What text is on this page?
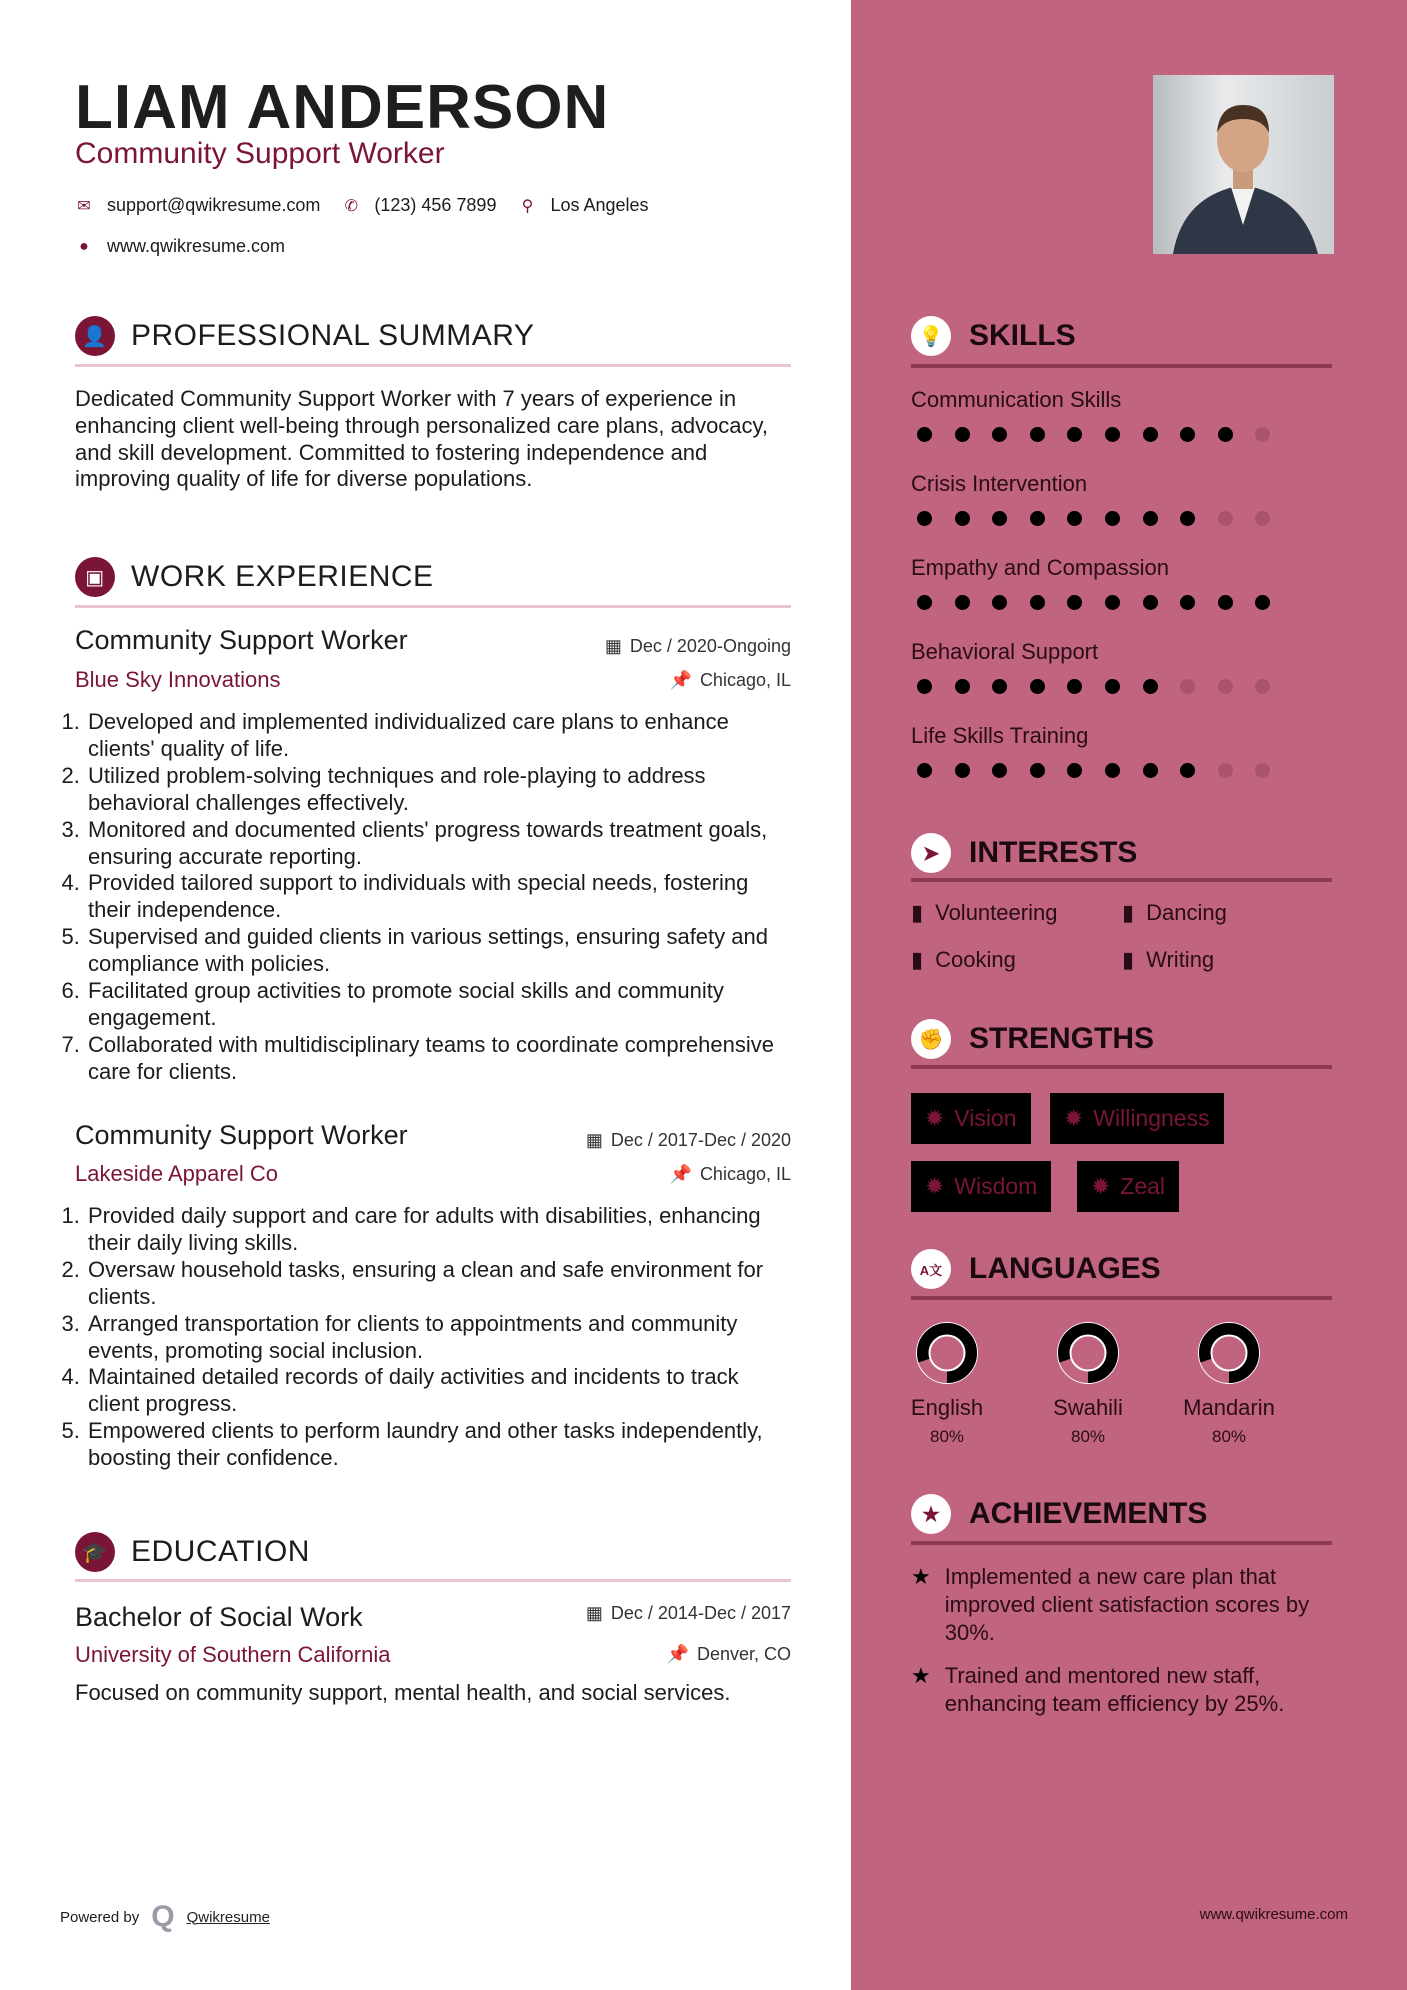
LIAM ANDERSON
Community Support Worker
✉ support@qwikresume.com ✆ (123) 456 7899 ⚲ Los Angeles
● www.qwikresume.com
👤 PROFESSIONAL SUMMARY
Dedicated Community Support Worker with 7 years of experience in enhancing client well-being through personalized care plans, advocacy, and skill development. Committed to fostering independence and improving quality of life for diverse populations.
▣ WORK EXPERIENCE
Community Support Worker	▦ Dec / 2020-Ongoing
Blue Sky Innovations	📌 Chicago, IL
1. Developed and implemented individualized care plans to enhance clients' quality of life.
2. Utilized problem-solving techniques and role-playing to address behavioral challenges effectively.
3. Monitored and documented clients' progress towards treatment goals, ensuring accurate reporting.
4. Provided tailored support to individuals with special needs, fostering their independence.
5. Supervised and guided clients in various settings, ensuring safety and compliance with policies.
6. Facilitated group activities to promote social skills and community engagement.
7. Collaborated with multidisciplinary teams to coordinate comprehensive care for clients.
Community Support Worker	▦ Dec / 2017-Dec / 2020
Lakeside Apparel Co	📌 Chicago, IL
1. Provided daily support and care for adults with disabilities, enhancing their daily living skills.
2. Oversaw household tasks, ensuring a clean and safe environment for clients.
3. Arranged transportation for clients to appointments and community events, promoting social inclusion.
4. Maintained detailed records of daily activities and incidents to track client progress.
5. Empowered clients to perform laundry and other tasks independently, boosting their confidence.
🎓 EDUCATION
Bachelor of Social Work	▦ Dec / 2014-Dec / 2017
University of Southern California	📌 Denver, CO
Focused on community support, mental health, and social services.
Powered by Q Qwikresume	www.qwikresume.com
💡 SKILLS
Communication Skills
Crisis Intervention
Empathy and Compassion
Behavioral Support
Life Skills Training
➤ INTERESTS
▮ Volunteering	▮ Dancing
▮ Cooking	▮ Writing
✊ STRENGTHS
✹ Vision ✹ Willingness
✹ Wisdom ✹ Zeal
A文 LANGUAGES
English
80%
Swahili
80%
Mandarin
80%
★ ACHIEVEMENTS
★ Implemented a new care plan that improved client satisfaction scores by 30%.
★ Trained and mentored new staff, enhancing team efficiency by 25%.
